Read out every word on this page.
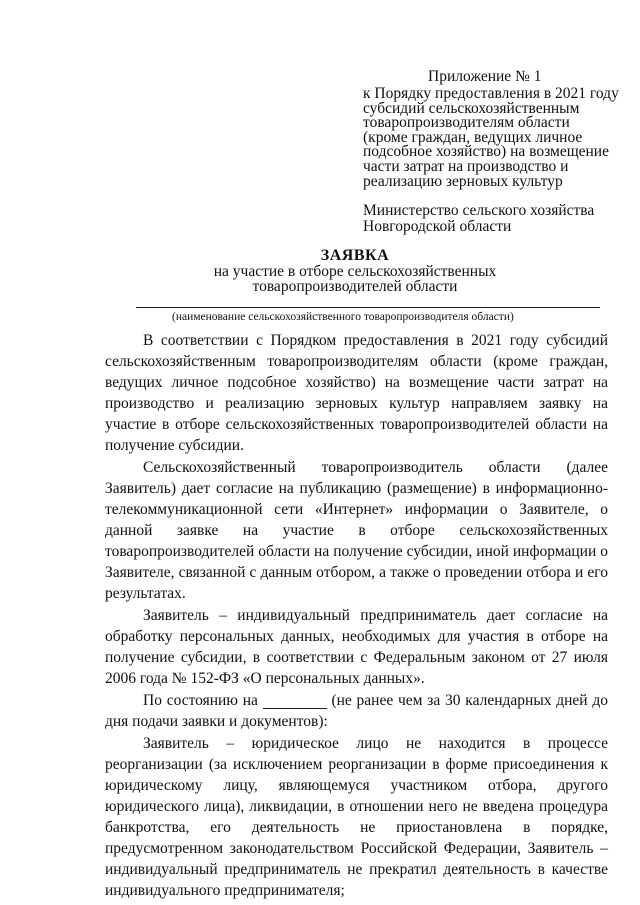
Приложение № 1
к Порядку предоставления в 2021 году
субсидий сельскохозяйственным
товаропроизводителям области
(кроме граждан, ведущих личное
подсобное хозяйство) на возмещение
части затрат на производство и
реализацию зерновых культур
Министерство сельского хозяйства
Новгородской области
ЗАЯВКА
на участие в отборе сельскохозяйственных
товаропроизводителей области
(наименование сельскохозяйственного товаропроизводителя области)

В соответствии с Порядком предоставления в 2021 году субсидий сельскохозяйственным товаропроизводителям области (кроме граждан, ведущих личное подсобное хозяйство) на возмещение части затрат на производство и реализацию зерновых культур направляем заявку на участие в отборе сельскохозяйственных товаропроизводителей области на получение субсидии.

Сельскохозяйственный товаропроизводитель области (далее Заявитель) дает согласие на публикацию (размещение) в информационно-телекоммуникационной сети «Интернет» информации о Заявителе, о данной заявке на участие в отборе сельскохозяйственных товаропроизводителей области на получение субсидии, иной информации о Заявителе, связанной с данным отбором, а также о проведении отбора и его результатах.

Заявитель – индивидуальный предприниматель дает согласие на обработку персональных данных, необходимых для участия в отборе на получение субсидии, в соответствии с Федеральным законом от 27 июля 2006 года № 152-ФЗ «О персональных данных».

По состоянию на	(не ранее чем за 30 календарных дней до дня подачи заявки и документов):

Заявитель – юридическое лицо не находится в процессе реорганизации (за исключением реорганизации в форме присоединения к юридическому лицу, являющемуся участником отбора, другого юридического лица), ликвидации, в отношении него не введена процедура банкротства, его деятельность не приостановлена в порядке, предусмотренном законодательством Российской Федерации, Заявитель – индивидуальный предприниматель не прекратил деятельность в качестве индивидуального предпринимателя;
